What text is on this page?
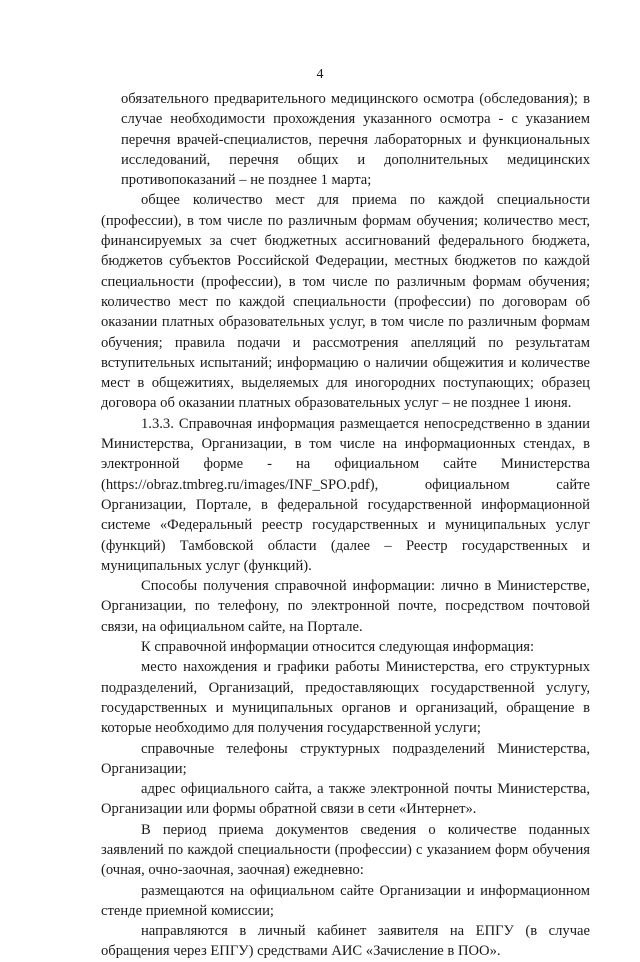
4

обязательного предварительного медицинского осмотра (обследования); в случае необходимости прохождения указанного осмотра - с указанием перечня врачей-специалистов, перечня лабораторных и функциональных исследований, перечня общих и дополнительных медицинских противопоказаний – не позднее 1 марта;

общее количество мест для приема по каждой специальности (профессии), в том числе по различным формам обучения; количество мест, финансируемых за счет бюджетных ассигнований федерального бюджета, бюджетов субъектов Российской Федерации, местных бюджетов по каждой специальности (профессии), в том числе по различным формам обучения; количество мест по каждой специальности (профессии) по договорам об оказании платных образовательных услуг, в том числе по различным формам обучения; правила подачи и рассмотрения апелляций по результатам вступительных испытаний; информацию о наличии общежития и количестве мест в общежитиях, выделяемых для иногородних поступающих; образец договора об оказании платных образовательных услуг – не позднее 1 июня.

1.3.3. Справочная информация размещается непосредственно в здании Министерства, Организации, в том числе на информационных стендах, в электронной форме - на официальном сайте Министерства (https://obraz.tmbreg.ru/images/INF_SPO.pdf), официальном сайте Организации, Портале, в федеральной государственной информационной системе «Федеральный реестр государственных и муниципальных услуг (функций) Тамбовской области (далее – Реестр государственных и муниципальных услуг (функций).

Способы получения справочной информации: лично в Министерстве, Организации, по телефону, по электронной почте, посредством почтовой связи, на официальном сайте, на Портале.

К справочной информации относится следующая информация:

место нахождения и графики работы Министерства, его структурных подразделений, Организаций, предоставляющих государственной услугу, государственных и муниципальных органов и организаций, обращение в которые необходимо для получения государственной услуги;

справочные телефоны структурных подразделений Министерства, Организации;

адрес официального сайта, а также электронной почты Министерства, Организации или формы обратной связи в сети «Интернет».

В период приема документов сведения о количестве поданных заявлений по каждой специальности (профессии) с указанием форм обучения (очная, очно-заочная, заочная) ежедневно:

размещаются на официальном сайте Организации и информационном стенде приемной комиссии;

направляются в личный кабинет заявителя на ЕПГУ (в случае обращения через ЕПГУ) средствами АИС «Зачисление в ПОО».
